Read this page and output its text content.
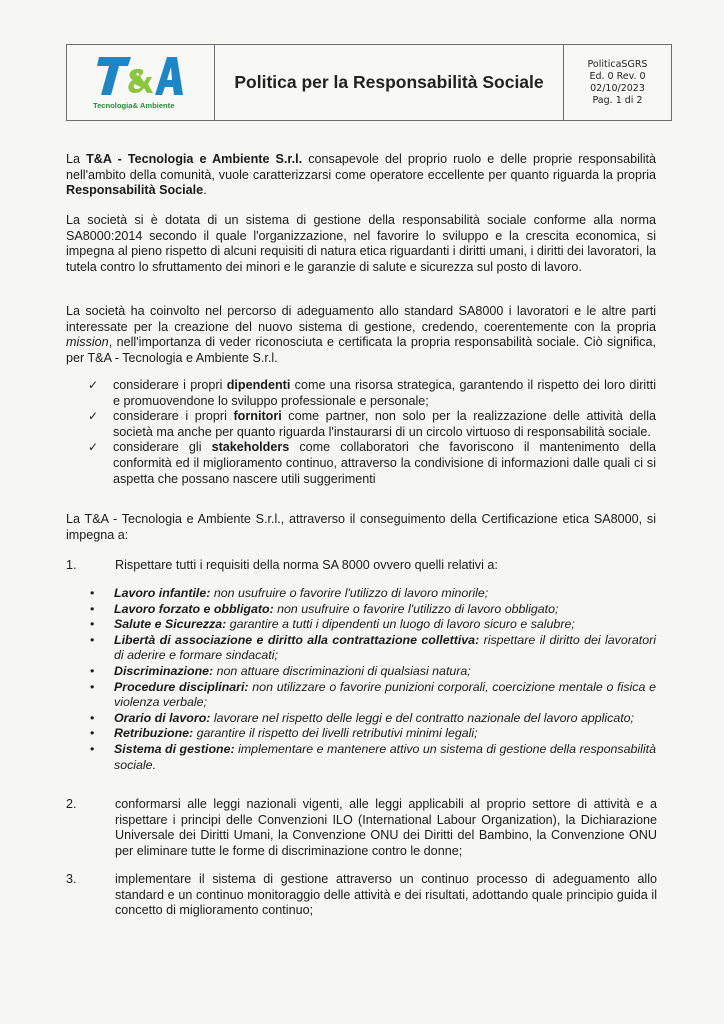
Tecnologia& Ambiente
Politica per la Responsabilità Sociale
PoliticaSGRS
Ed. 0 Rev. 0
02/10/2023
Pag. 1 di 2

La T&A - Tecnologia e Ambiente S.r.l. consapevole del proprio ruolo e delle proprie responsabilità nell'ambito della comunità, vuole caratterizzarsi come operatore eccellente per quanto riguarda la propria Responsabilità Sociale.

La società si è dotata di un sistema di gestione della responsabilità sociale conforme alla norma SA8000:2014 secondo il quale l'organizzazione, nel favorire lo sviluppo e la crescita economica, si impegna al pieno rispetto di alcuni requisiti di natura etica riguardanti i diritti umani, i diritti dei lavoratori, la tutela contro lo sfruttamento dei minori e le garanzie di salute e sicurezza sul posto di lavoro.

La società ha coinvolto nel percorso di adeguamento allo standard SA8000 i lavoratori e le altre parti interessate per la creazione del nuovo sistema di gestione, credendo, coerentemente con la propria mission, nell'importanza di veder riconosciuta e certificata la propria responsabilità sociale. Ciò significa, per T&A - Tecnologia e Ambiente S.r.l.

✓ considerare i propri dipendenti come una risorsa strategica, garantendo il rispetto dei loro diritti e promuovendone lo sviluppo professionale e personale;

✓ considerare i propri fornitori come partner, non solo per la realizzazione delle attività della società ma anche per quanto riguarda l'instaurarsi di un circolo virtuoso di responsabilità sociale.

✓ considerare gli stakeholders come collaboratori che favoriscono il mantenimento della conformità ed il miglioramento continuo, attraverso la condivisione di informazioni dalle quali ci si aspetta che possano nascere utili suggerimenti

La T&A - Tecnologia e Ambiente S.r.l., attraverso il conseguimento della Certificazione etica SA8000, si impegna a:

1.	Rispettare tutti i requisiti della norma SA 8000 ovvero quelli relativi a:

• Lavoro infantile: non usufruire o favorire l'utilizzo di lavoro minorile;

• Lavoro forzato e obbligato: non usufruire o favorire l'utilizzo di lavoro obbligato;

• Salute e Sicurezza: garantire a tutti i dipendenti un luogo di lavoro sicuro e salubre;

• Libertà di associazione e diritto alla contrattazione collettiva: rispettare il diritto dei lavoratori di aderire e formare sindacati;

• Discriminazione: non attuare discriminazioni di qualsiasi natura;

• Procedure disciplinari: non utilizzare o favorire punizioni corporali, coercizione mentale o fisica e violenza verbale;

• Orario di lavoro: lavorare nel rispetto delle leggi e del contratto nazionale del lavoro applicato;

• Retribuzione: garantire il rispetto dei livelli retributivi minimi legali;

• Sistema di gestione: implementare e mantenere attivo un sistema di gestione della responsabilità sociale.

2.	conformarsi alle leggi nazionali vigenti, alle leggi applicabili al proprio settore di attività e a rispettare i principi delle Convenzioni ILO (International Labour Organization), la Dichiarazione Universale dei Diritti Umani, la Convenzione ONU dei Diritti del Bambino, la Convenzione ONU per eliminare tutte le forme di discriminazione contro le donne;

3.	implementare il sistema di gestione attraverso un continuo processo di adeguamento allo standard e un continuo monitoraggio delle attività e dei risultati, adottando quale principio guida il concetto di miglioramento continuo;
